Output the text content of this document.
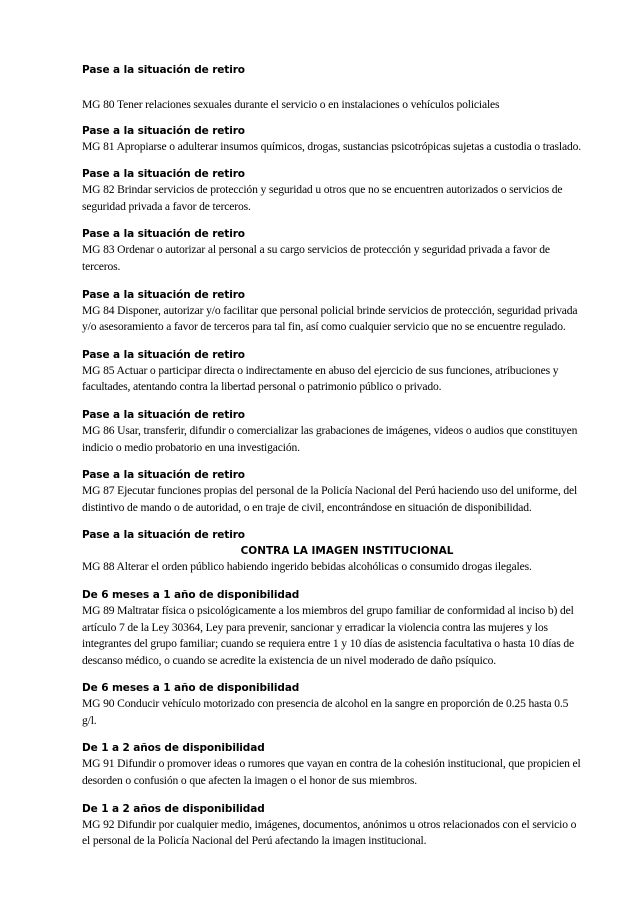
Pase a la situación de retiro

MG 80 Tener relaciones sexuales durante el servicio o en instalaciones o vehículos policiales

Pase a la situación de retiro

MG 81 Apropiarse o adulterar insumos químicos, drogas, sustancias psicotrópicas sujetas a custodia o traslado.

Pase a la situación de retiro

MG 82 Brindar servicios de protección y seguridad u otros que no se encuentren autorizados o servicios de seguridad privada a favor de terceros.

Pase a la situación de retiro

MG 83 Ordenar o autorizar al personal a su cargo servicios de protección y seguridad privada a favor de terceros.

Pase a la situación de retiro

MG 84 Disponer, autorizar y/o facilitar que personal policial brinde servicios de protección, seguridad privada y/o asesoramiento a favor de terceros para tal fin, así como cualquier servicio que no se encuentre regulado.

Pase a la situación de retiro

MG 85 Actuar o participar directa o indirectamente en abuso del ejercicio de sus funciones, atribuciones y facultades, atentando contra la libertad personal o patrimonio público o privado.

Pase a la situación de retiro

MG 86 Usar, transferir, difundir o comercializar las grabaciones de imágenes, videos o audios que constituyen indicio o medio probatorio en una investigación.

Pase a la situación de retiro

MG 87 Ejecutar funciones propias del personal de la Policía Nacional del Perú haciendo uso del uniforme, del distintivo de mando o de autoridad, o en traje de civil, encontrándose en situación de disponibilidad.

Pase a la situación de retiro

CONTRA LA IMAGEN INSTITUCIONAL

MG 88 Alterar el orden público habiendo ingerido bebidas alcohólicas o consumido drogas ilegales.

De 6 meses a 1 año de disponibilidad

MG 89 Maltratar física o psicológicamente a los miembros del grupo familiar de conformidad al inciso b) del artículo 7 de la Ley 30364, Ley para prevenir, sancionar y erradicar la violencia contra las mujeres y los integrantes del grupo familiar; cuando se requiera entre 1 y 10 días de asistencia facultativa o hasta 10 días de descanso médico, o cuando se acredite la existencia de un nivel moderado de daño psíquico.

De 6 meses a 1 año de disponibilidad

MG 90 Conducir vehículo motorizado con presencia de alcohol en la sangre en proporción de 0.25 hasta 0.5 g/l.

De 1 a 2 años de disponibilidad

MG 91 Difundir o promover ideas o rumores que vayan en contra de la cohesión institucional, que propicien el desorden o confusión o que afecten la imagen o el honor de sus miembros.

De 1 a 2 años de disponibilidad

MG 92 Difundir por cualquier medio, imágenes, documentos, anónimos u otros relacionados con el servicio o el personal de la Policía Nacional del Perú afectando la imagen institucional.
